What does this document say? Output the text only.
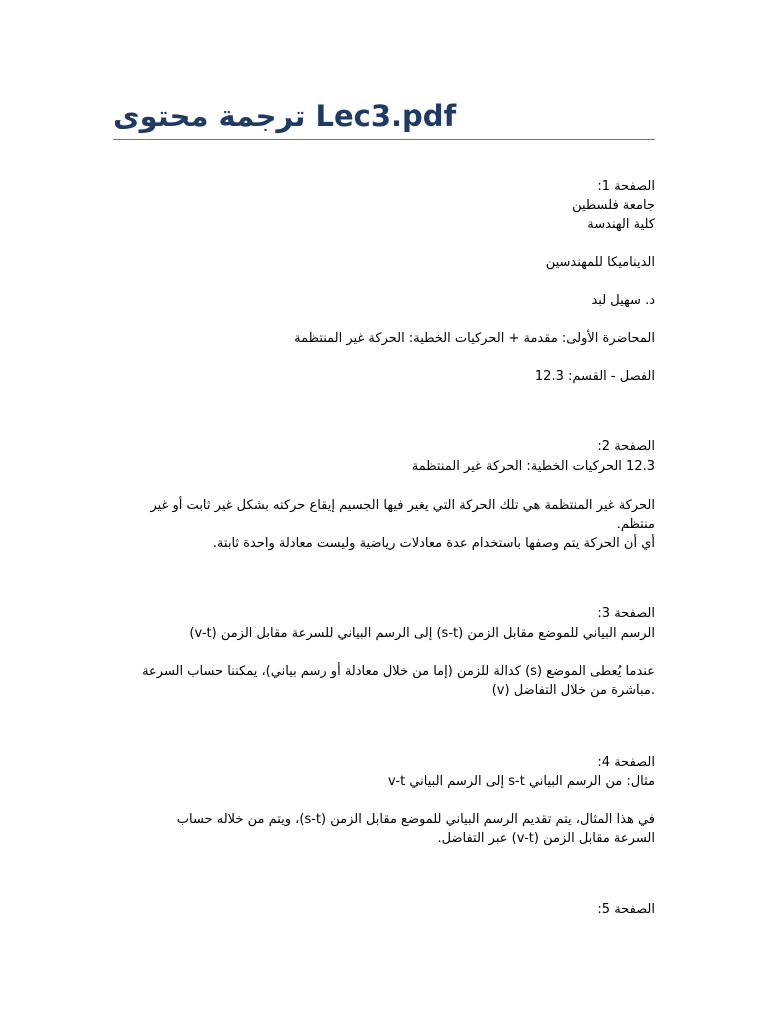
ترجمة محتوى Lec3.pdf
الصفحة 1:
جامعة فلسطين
كلية الهندسة
الديناميكا للمهندسين
د. سهيل لبد
المحاضرة الأولى: مقدمة + الحركيات الخطية: الحركة غير المنتظمة
الفصل - القسم: 12.3
الصفحة 2:
12.3 الحركيات الخطية: الحركة غير المنتظمة
الحركة غير المنتظمة هي تلك الحركة التي يغير فيها الجسيم إيقاع حركته بشكل غير ثابت أو غير
منتظم.
أي أن الحركة يتم وصفها باستخدام عدة معادلات رياضية وليست معادلة واحدة ثابتة.
الصفحة 3:
الرسم البياني للموضع مقابل الزمن (s-t) إلى الرسم البياني للسرعة مقابل الزمن (v-t)
عندما يُعطى الموضع (s) كدالة للزمن (إما من خلال معادلة أو رسم بياني)، يمكننا حساب السرعة
(v) مباشرة من خلال التفاضل.
الصفحة 4:
مثال: من الرسم البياني s-t إلى الرسم البياني v-t
في هذا المثال، يتم تقديم الرسم البياني للموضع مقابل الزمن (s-t)، ويتم من خلاله حساب
السرعة مقابل الزمن (v-t) عبر التفاضل.
الصفحة 5:
